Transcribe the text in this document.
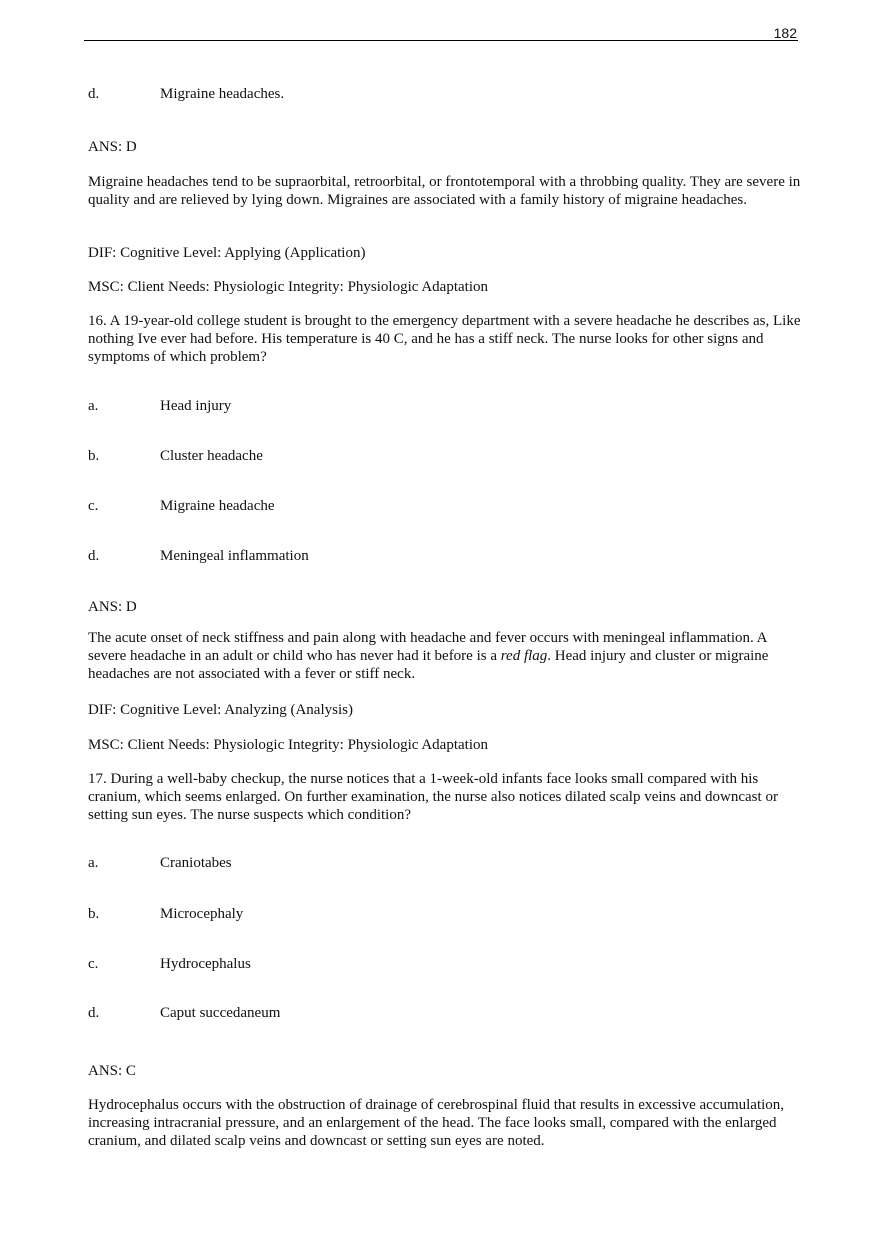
182
d.	Migraine headaches.
ANS: D
Migraine headaches tend to be supraorbital, retroorbital, or frontotemporal with a throbbing quality. They are severe in quality and are relieved by lying down. Migraines are associated with a family history of migraine headaches.
DIF: Cognitive Level: Applying (Application)
MSC: Client Needs: Physiologic Integrity: Physiologic Adaptation
16. A 19-year-old college student is brought to the emergency department with a severe headache he describes as, Like nothing Ive ever had before. His temperature is 40 C, and he has a stiff neck. The nurse looks for other signs and symptoms of which problem?
a.	Head injury
b.	Cluster headache
c.	Migraine headache
d.	Meningeal inflammation
ANS: D
The acute onset of neck stiffness and pain along with headache and fever occurs with meningeal inflammation. A severe headache in an adult or child who has never had it before is a red flag. Head injury and cluster or migraine headaches are not associated with a fever or stiff neck.
DIF: Cognitive Level: Analyzing (Analysis)
MSC: Client Needs: Physiologic Integrity: Physiologic Adaptation
17. During a well-baby checkup, the nurse notices that a 1-week-old infants face looks small compared with his cranium, which seems enlarged. On further examination, the nurse also notices dilated scalp veins and downcast or setting sun eyes. The nurse suspects which condition?
a.	Craniotabes
b.	Microcephaly
c.	Hydrocephalus
d.	Caput succedaneum
ANS: C
Hydrocephalus occurs with the obstruction of drainage of cerebrospinal fluid that results in excessive accumulation, increasing intracranial pressure, and an enlargement of the head. The face looks small, compared with the enlarged cranium, and dilated scalp veins and downcast or setting sun eyes are noted.
